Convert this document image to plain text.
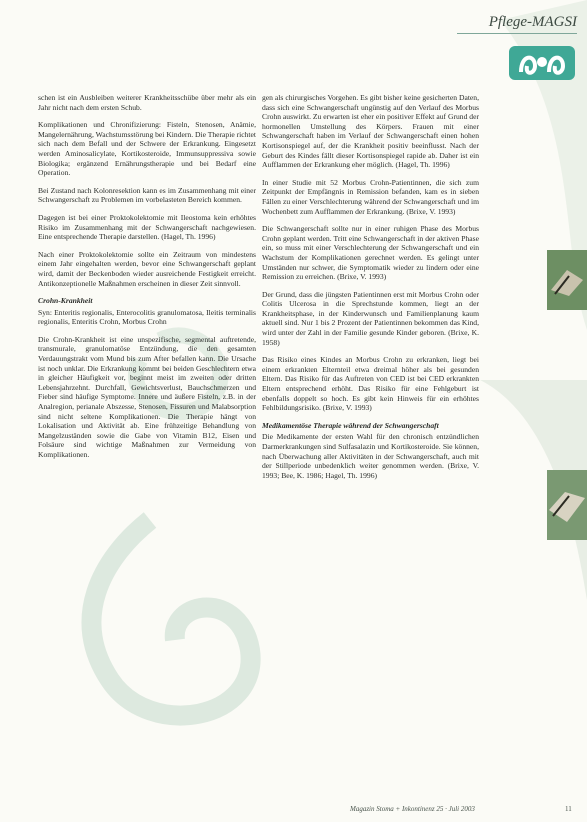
Pflege-MAGSI

schen ist ein Ausbleiben weiterer Krankheitsschübe über mehr als ein Jahr nicht nach dem ersten Schub.

Komplikationen und Chronifizierung: Fisteln, Stenosen, Anämie, Mangelernährung, Wachstumsstörung bei Kindern. Die Therapie richtet sich nach dem Befall und der Schwere der Erkrankung. Eingesetzt werden Aminosalicylate, Kortikosteroide, Immunsuppressiva sowie Biologika; ergänzend Ernährungstherapie und bei Bedarf eine Operation.

Bei Zustand nach Kolonresektion kann es im Zusammenhang mit einer Schwangerschaft zu Problemen im vorbelasteten Bereich kommen.

Dagegen ist bei einer Proktokolektomie mit Ileostoma kein erhöhtes Risiko im Zusammenhang mit der Schwangerschaft nachgewiesen. Eine entsprechende Therapie darstellen. (Hagel, Th. 1996)

Nach einer Proktokolektomie sollte ein Zeitraum von mindestens einem Jahr eingehalten werden, bevor eine Schwangerschaft geplant wird, damit der Beckenboden wieder ausreichende Festigkeit erreicht. Antikonzeptionelle Maßnahmen erscheinen in dieser Zeit sinnvoll.

Crohn-Krankheit

Syn: Enteritis regionalis, Enterocolitis granulomatosa, Ileitis terminalis regionalis, Enteritis Crohn, Morbus Crohn

Die Crohn-Krankheit ist eine unspezifische, segmental auftretende, transmurale, granulomatöse Entzündung, die den gesamten Verdauungstrakt vom Mund bis zum After befallen kann. Die Ursache ist noch unklar. Die Erkrankung kommt bei beiden Geschlechtern etwa in gleicher Häufigkeit vor, beginnt meist im zweiten oder dritten Lebensjahrzehnt. Durchfall, Gewichtsverlust, Bauchschmerzen und Fieber sind häufige Symptome. Innere und äußere Fisteln, z.B. in der Analregion, perianale Abszesse, Stenosen, Fissuren und Malabsorption sind nicht seltene Komplikationen. Die Therapie hängt von Lokalisation und Aktivität ab. Eine frühzeitige Behandlung von Mangelzuständen sowie die Gabe von Vitamin B12, Eisen und Folsäure sind wichtige Maßnahmen zur Vermeidung von Komplikationen.

gen als chirurgisches Vorgehen. Es gibt bisher keine gesicherten Daten, dass sich eine Schwangerschaft ungünstig auf den Verlauf des Morbus Crohn auswirkt. Zu erwarten ist eher ein positiver Effekt auf Grund der hormonellen Umstellung des Körpers. Frauen mit einer Schwangerschaft haben im Verlauf der Schwangerschaft einen hohen Kortisonspiegel auf, der die Krankheit positiv beeinflusst. Nach der Geburt des Kindes fällt dieser Kortisonspiegel rapide ab. Daher ist ein Aufflammen der Erkrankung eher möglich. (Hagel, Th. 1996)

In einer Studie mit 52 Morbus Crohn-Patientinnen, die sich zum Zeitpunkt der Empfängnis in Remission befanden, kam es in sieben Fällen zu einer Verschlechterung während der Schwangerschaft und im Wochenbett zum Aufflammen der Erkrankung. (Brixe, V. 1993)

Die Schwangerschaft sollte nur in einer ruhigen Phase des Morbus Crohn geplant werden. Tritt eine Schwangerschaft in der aktiven Phase ein, so muss mit einer Verschlechterung der Schwangerschaft und ein Wachstum der Komplikationen gerechnet werden. Es gelingt unter Umständen nur schwer, die Symptomatik wieder zu lindern oder eine Remission zu erreichen. (Brixe, V. 1993)

Der Grund, dass die jüngsten Patientinnen erst mit Morbus Crohn oder Colitis Ulcerosa in die Sprechstunde kommen, liegt an der Krankheitsphase, in der Kinderwunsch und Familienplanung kaum aktuell sind. Nur 1 bis 2 Prozent der Patientinnen bekommen das Kind, wird unter der Zahl in der Familie gesunde Kinder geboren. (Brixe, K. 1958)

Das Risiko eines Kindes an Morbus Crohn zu erkranken, liegt bei einem erkrankten Elternteil etwa dreimal höher als bei gesunden Eltern. Das Risiko für das Auftreten von CED ist bei CED erkrankten Eltern entsprechend erhöht. Das Risiko für eine Fehlgeburt ist ebenfalls doppelt so hoch. Es gibt kein Hinweis für ein erhöhtes Fehlbildungsrisiko. (Brixe, V. 1993)

Medikamentöse Therapie während der Schwangerschaft

Die Medikamente der ersten Wahl für den chronisch entzündlichen Darmerkrankungen sind Sulfasalazin und Kortikosteroide. Sie können, nach Überwachung aller Aktivitäten in der Schwangerschaft, auch mit der Stillperiode unbedenklich weiter genommen werden. (Brixe, V. 1993; Bee, K. 1986; Hagel, Th. 1996)

Magazin Stoma + Inkontinenz 25 · Juli 2003	11
